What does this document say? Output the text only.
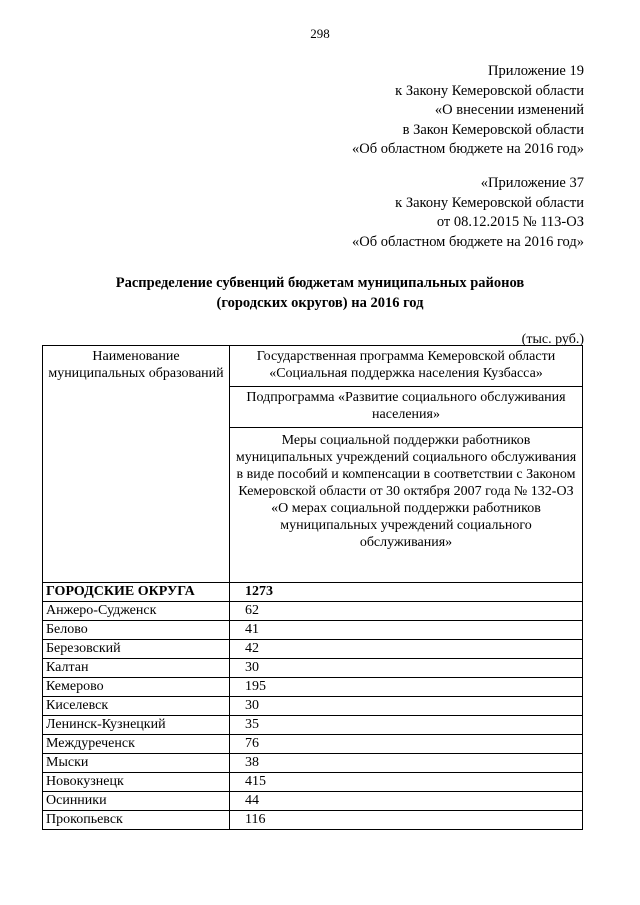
298
Приложение 19
к Закону Кемеровской области
«О внесении изменений
в Закон Кемеровской области
«Об областном бюджете на 2016 год»
«Приложение 37
к Закону Кемеровской области
от 08.12.2015 № 113-ОЗ
«Об областном бюджете на 2016 год»
Распределение субвенций бюджетам муниципальных районов
(городских округов) на 2016 год
(тыс. руб.)
Наименование муниципальных образований	Государственная программа Кемеровской области «Социальная поддержка населения Кузбасса»
	Подпрограмма «Развитие социального обслуживания населения»
	Меры социальной поддержки работников муниципальных учреждений социального обслуживания в виде пособий и компенсации в соответствии с Законом Кемеровской области от 30 октября 2007 года № 132-ОЗ «О мерах социальной поддержки работников муниципальных учреждений социального обслуживания»
ГОРОДСКИЕ ОКРУГА	1273
Анжеро-Судженск	62
Белово	41
Березовский	42
Калтан	30
Кемерово	195
Киселевск	30
Ленинск-Кузнецкий	35
Междуреченск	76
Мыски	38
Новокузнецк	415
Осинники	44
Прокопьевск	116
